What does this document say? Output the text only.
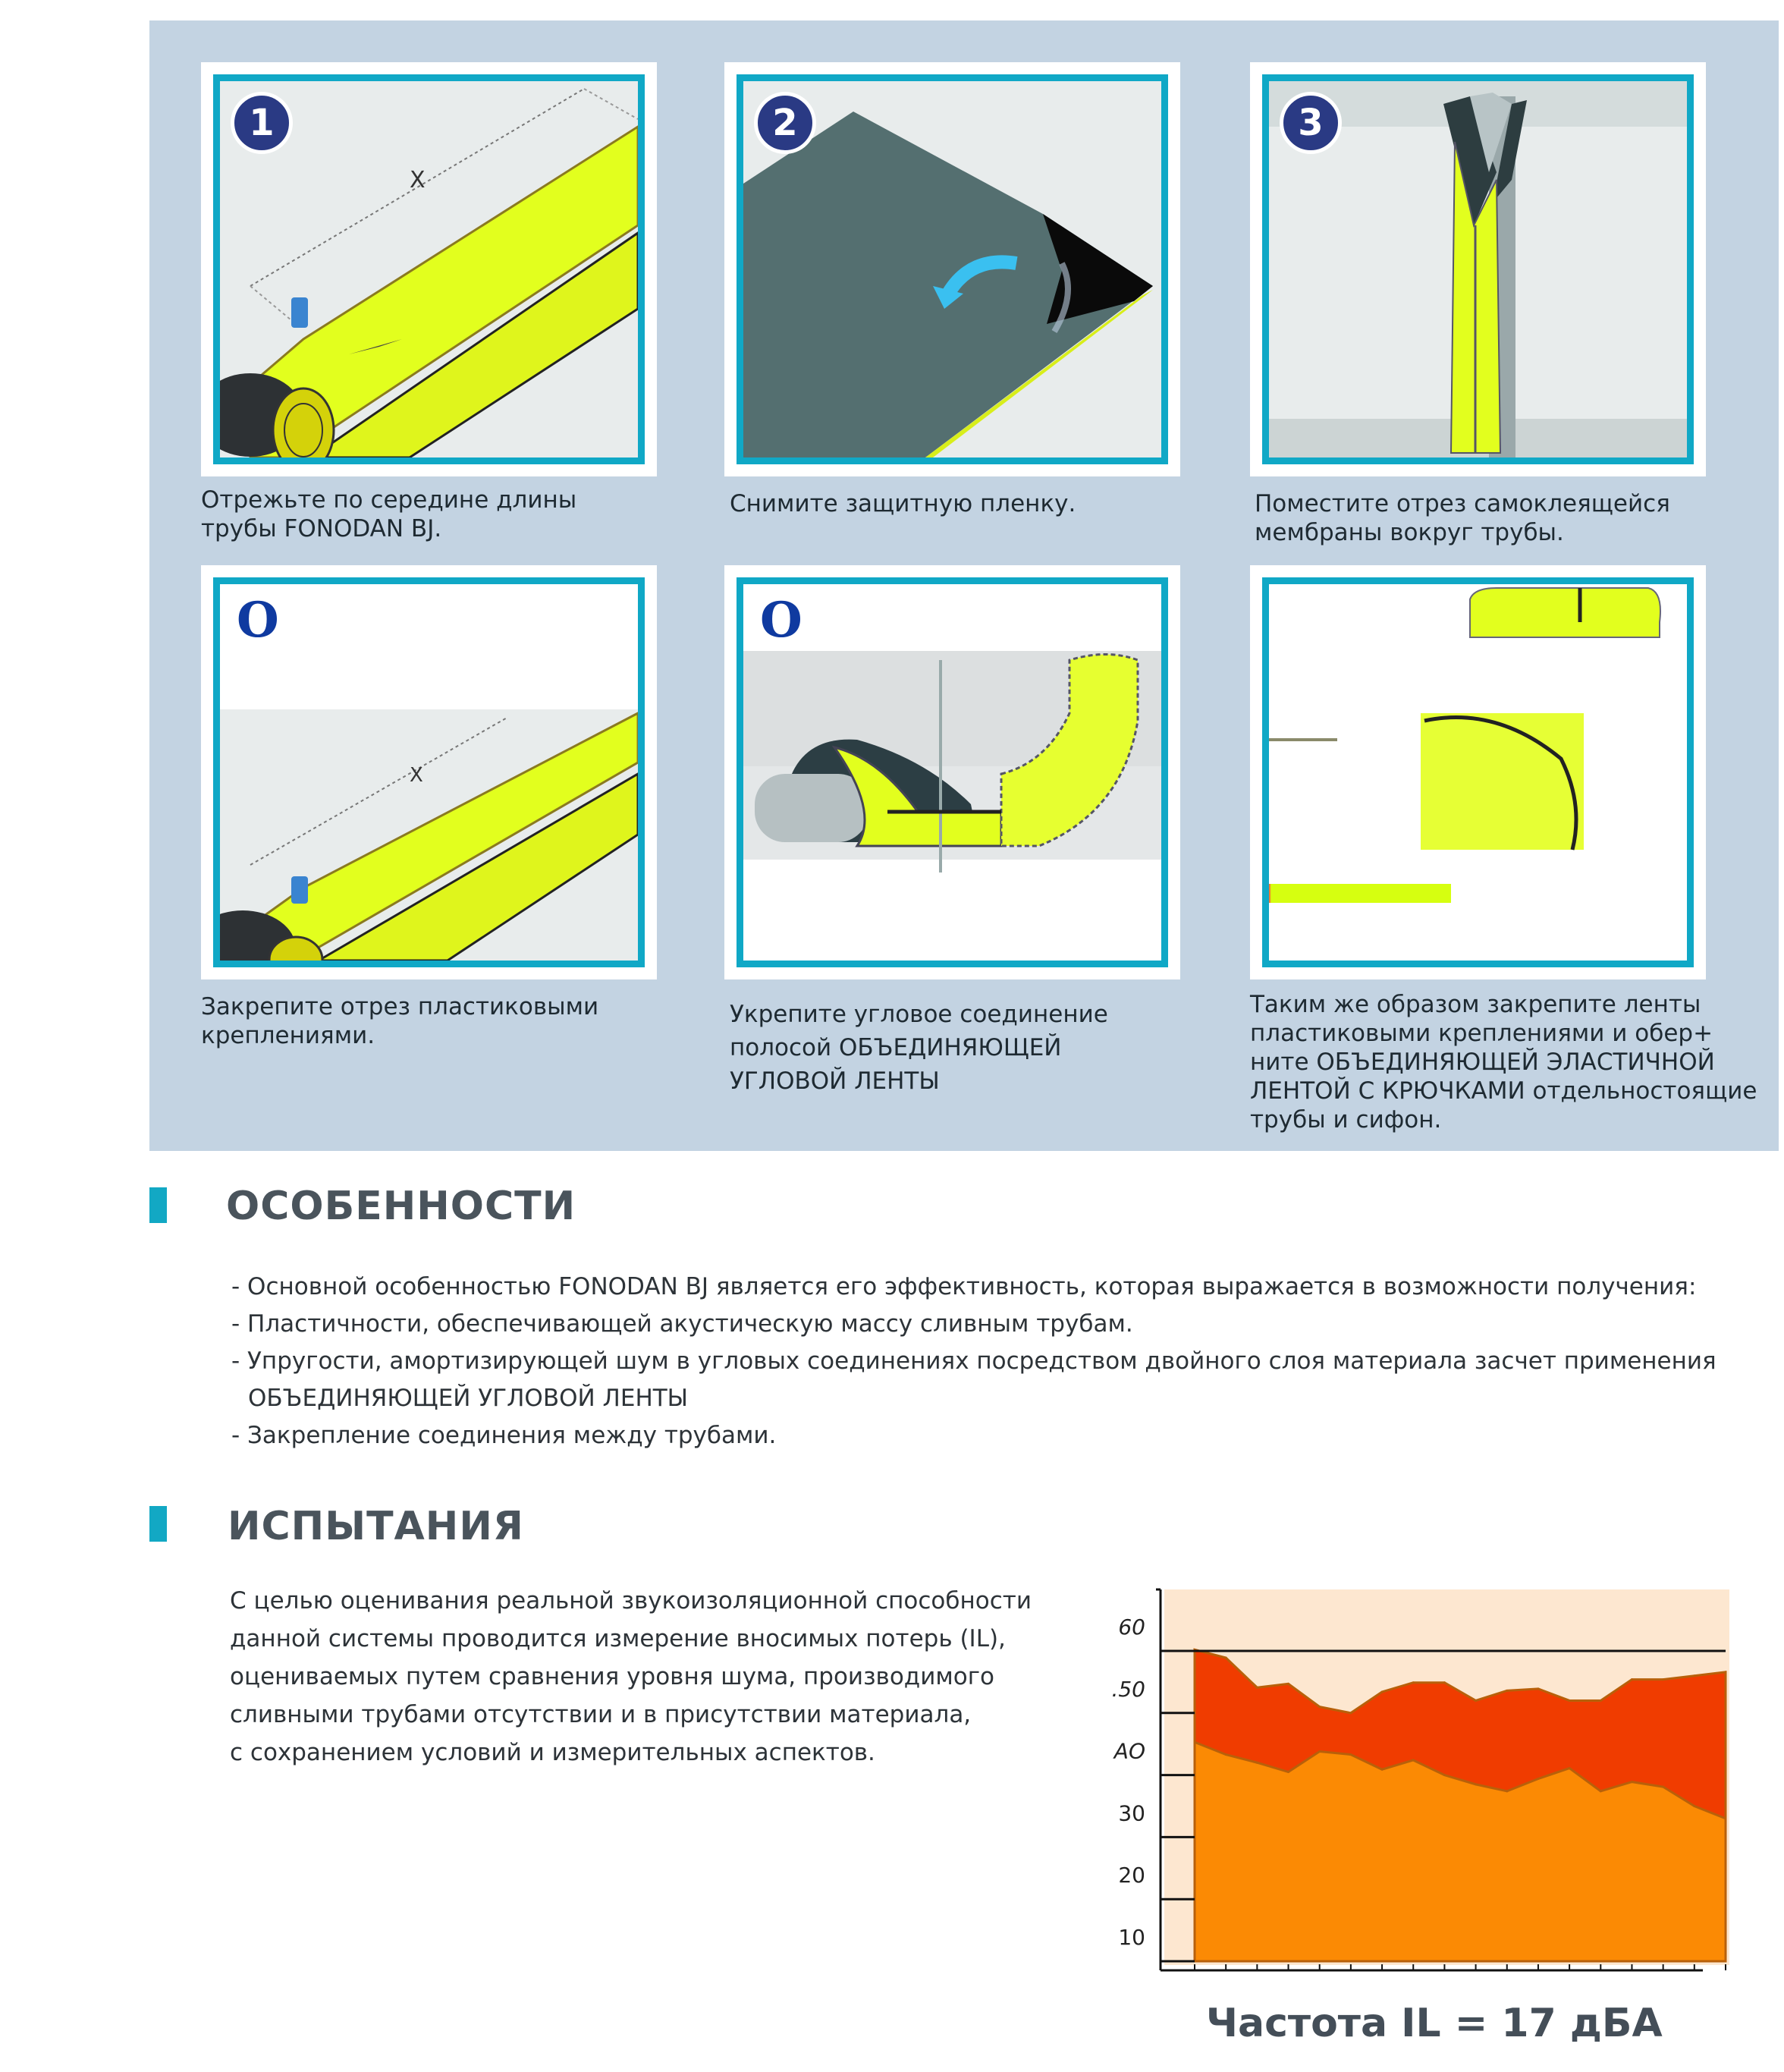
1
X
Отрежьте по середине длины
трубы FONODAN BJ.
2
Снимите защитную пленку.
3
Поместите отрез самоклеящейся
мембраны вокруг трубы.
O
X
Закрепите отрез пластиковыми
креплениями.
O
Укрепите угловое соединение
полосой ОБЪЕДИНЯЮЩЕЙ
УГЛОВОЙ ЛЕНТЫ
Таким же образом закрепите ленты
пластиковыми креплениями и обер+
ните ОБЪЕДИНЯЮЩЕЙ ЭЛАСТИЧНОЙ
ЛЕНТОЙ С КРЮЧКАМИ отдельностоящие
трубы и сифон.
ОСОБЕННОСТИ
- Основной особенностью FONODAN BJ является его эффективность, которая выражается в возможности получения:
- Пластичности, обеспечивающей акустическую массу сливным трубам.
- Упругости, амортизирующей шум в угловых соединениях посредством двойного слоя материала засчет применения
ОБЪЕДИНЯЮЩЕЙ УГЛОВОЙ ЛЕНТЫ
- Закрепление соединения между трубами.
ИСПЫТАНИЯ
С целью оценивания реальной звукоизоляционной способности
данной системы проводится измерение вносимых потерь (IL),
оцениваемых путем сравнения уровня шума, производимого
сливными трубами отсутствии и в присутствии материала,
с сохранением условий и измерительных аспектов.
60
.50
AO
30
20
10
Частота IL = 17 дБА
